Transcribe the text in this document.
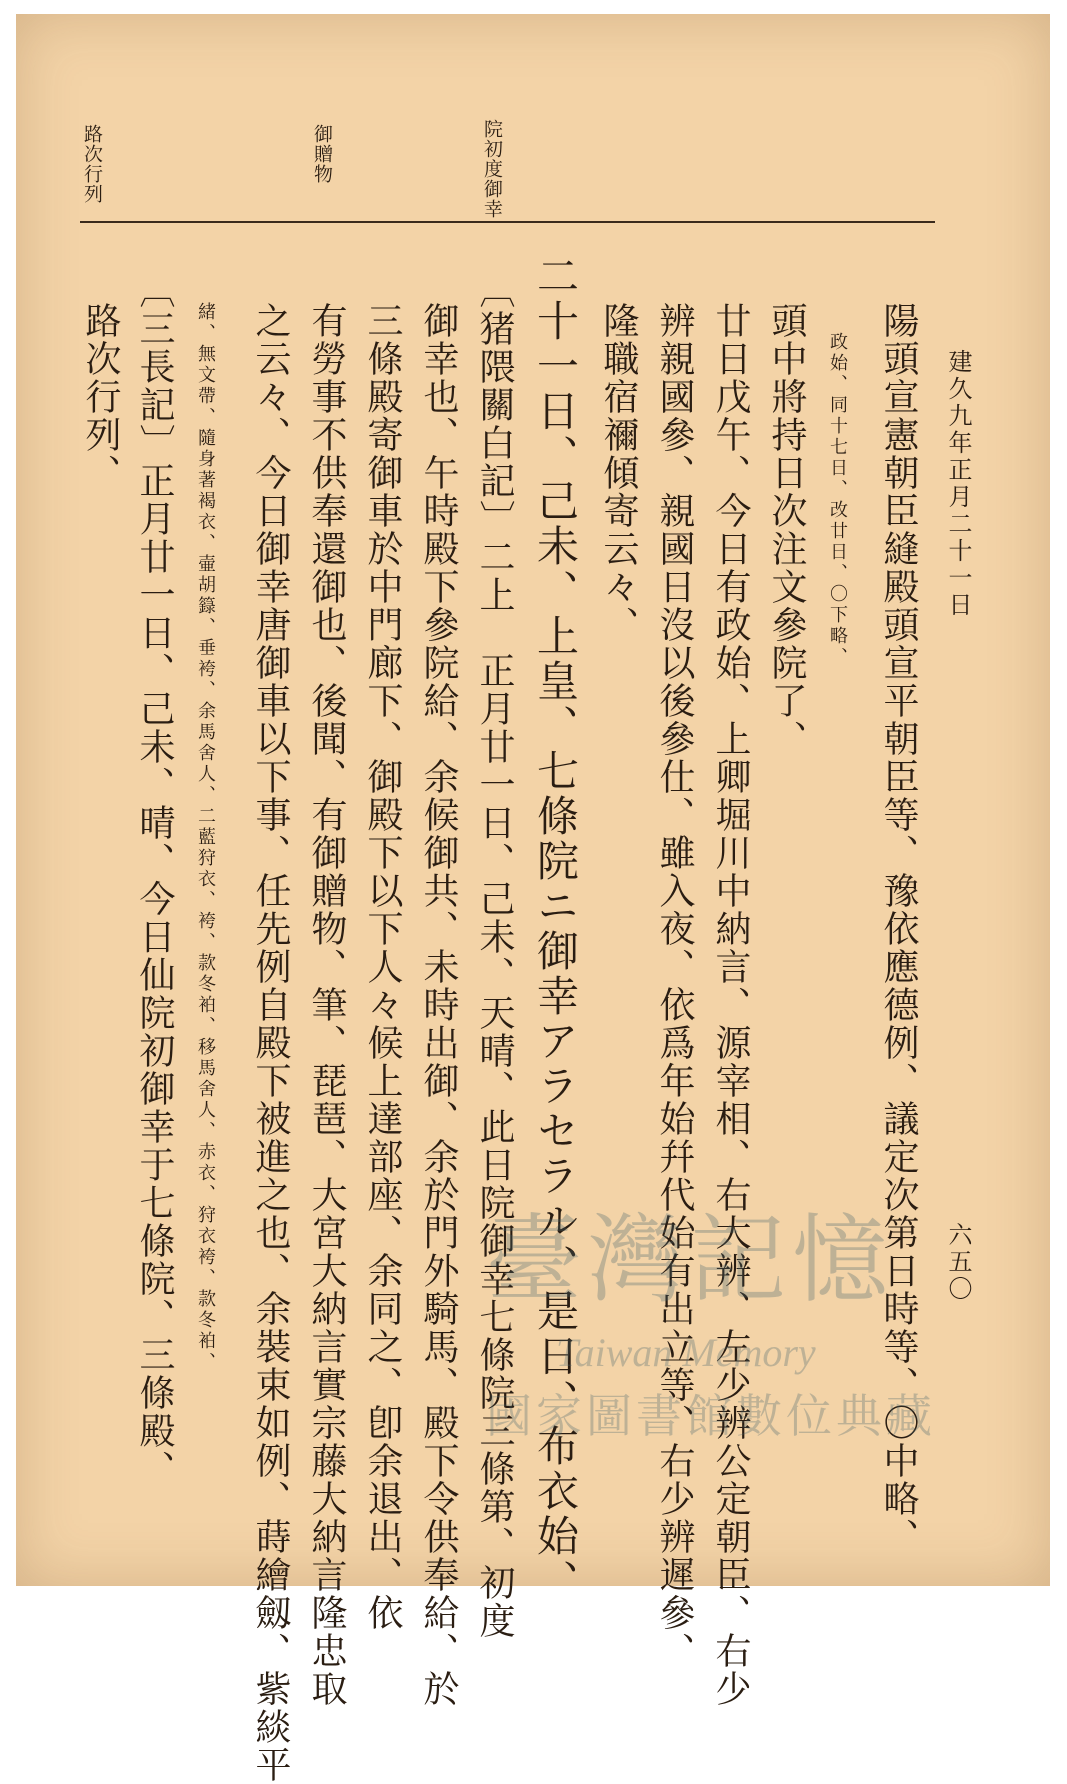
建久九年正月二十一日
六五〇
院初度御幸
御贈物
路次行列
陽頭宣憲朝臣縫殿頭宣平朝臣等、豫依應德例、議定次第日時等、〇中略、
政始、同十七日、改廿日、〇下略、
頭中將持日次注文參院了、
廿日戊午、今日有政始、上卿堀川中納言、源宰相、右大辨、左少辨公定朝臣、右少
辨親國參、親國日沒以後參仕、雖入夜、依爲年始幷代始有出立等、右少辨遲參、
隆職宿禰傾寄云々、
二十一日、己未、上皇、七條院ニ御幸アラセラル、是日、布衣始、
〔猪隈關白記〕二上　正月廿一日、己未、天晴、此日院御幸七條院三條第、初度
御幸也、午時殿下參院給、余候御共、未時出御、余於門外騎馬、殿下令供奉給、於
三條殿寄御車於中門廊下、御殿下以下人々候上達部座、余同之、卽余退出、依
有勞事不供奉還御也、後聞、有御贈物、筆、琵琶、大宮大納言實宗藤大納言隆忠取
之云々、今日御幸唐御車以下事、任先例自殿下被進之也、余裝束如例、蒔繪劔、紫緂平
緒、無文帶、隨身著褐衣、壷胡籙、垂袴、余馬舍人、二藍狩衣、袴、款冬袙、移馬舍人、赤衣、狩衣袴、款冬袙、
路次行列、 〔三長記〕正月廿一日、己未、晴、今日仙院初御幸于七條院、三條殿、	臺灣記憶
Taiwan Memory
國家圖書館數位典藏
